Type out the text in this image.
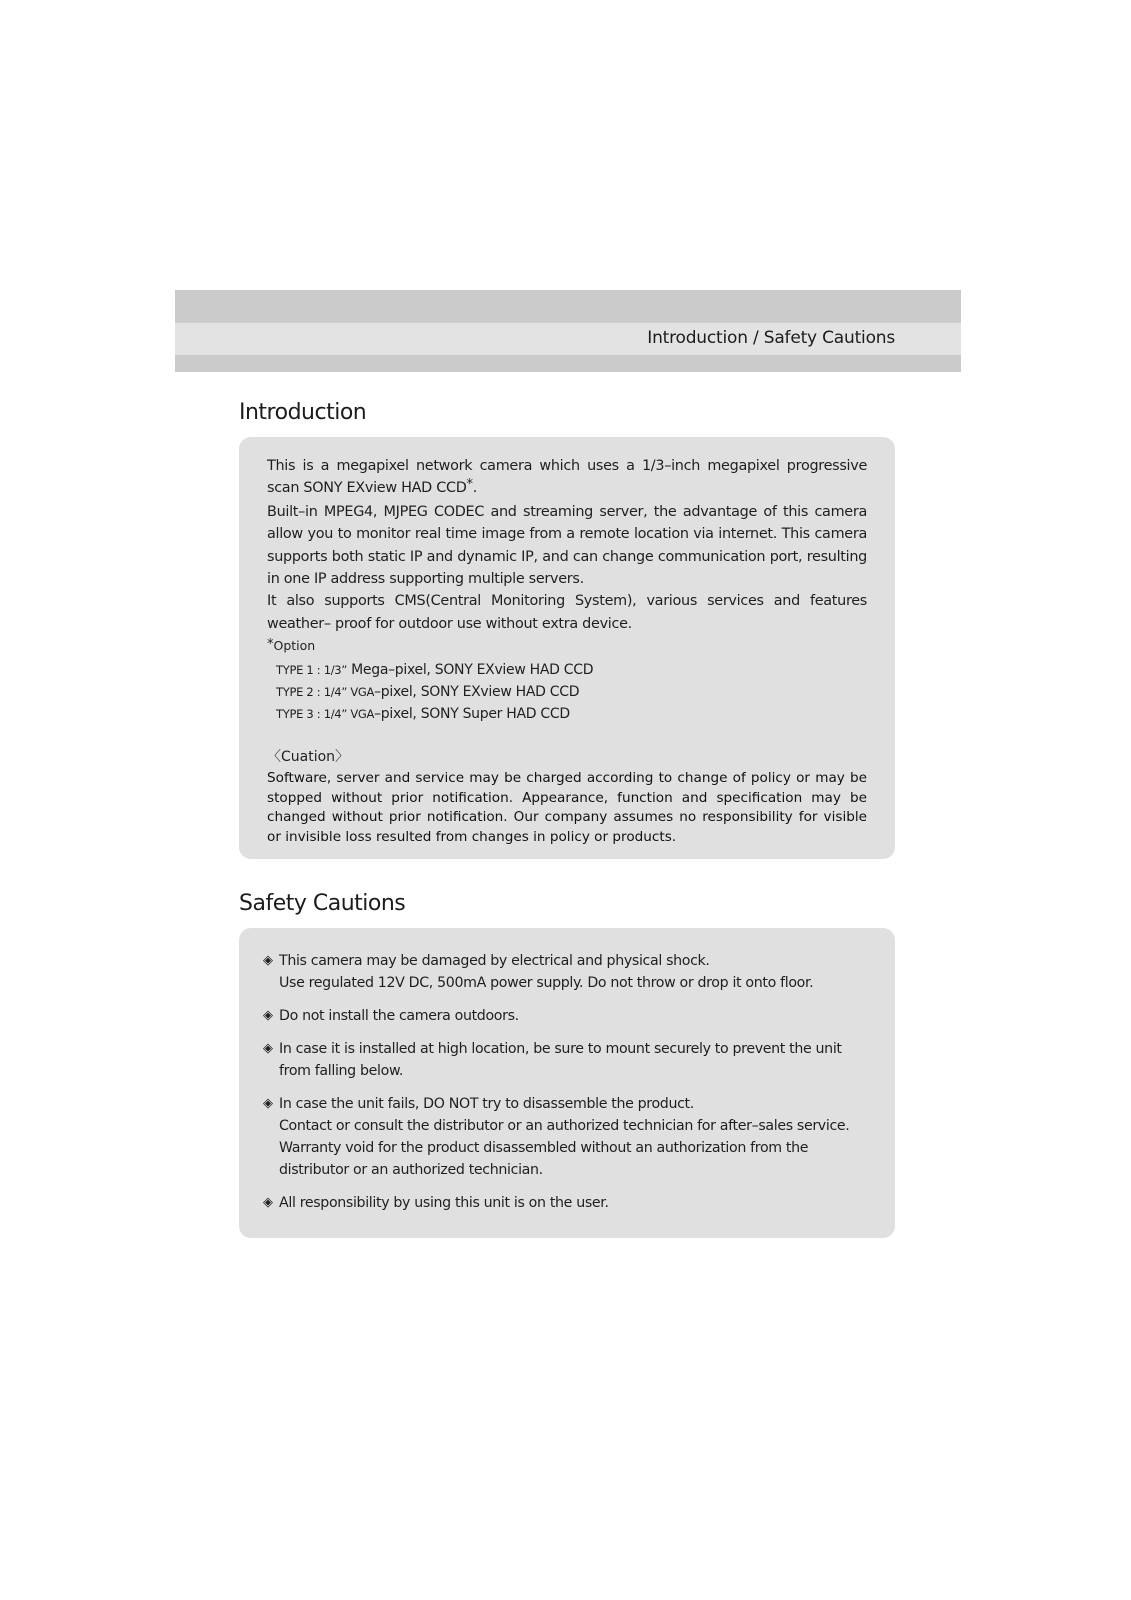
Introduction / Safety Cautions
Introduction

This is a megapixel network camera which uses a 1/3–inch megapixel progressive scan SONY EXview HAD CCD*.

Built–in MPEG4, MJPEG CODEC and streaming server, the advantage of this camera allow you to monitor real time image from a remote location via internet. This camera supports both static IP and dynamic IP, and can change communication port, resulting in one IP address supporting multiple servers.

It also supports CMS(Central Monitoring System), various services and features weather– proof for outdoor use without extra device.

*Option

TYPE 1 : 1/3” Mega–pixel, SONY EXview HAD CCD
TYPE 2 : 1/4” VGA–pixel, SONY EXview HAD CCD
TYPE 3 : 1/4” VGA–pixel, SONY Super HAD CCD

〈Cuation〉

Software, server and service may be charged according to change of policy or may be stopped without prior notification. Appearance, function and specification may be changed without prior notification. Our company assumes no responsibility for visible or invisible loss resulted from changes in policy or products.

Safety Cautions
◈ This camera may be damaged by electrical and physical shock.
Use regulated 12V DC, 500mA power supply. Do not throw or drop it onto floor.
◈ Do not install the camera outdoors.
◈ In case it is installed at high location, be sure to mount securely to prevent the unit from falling below.
◈ In case the unit fails, DO NOT try to disassemble the product.
Contact or consult the distributor or an authorized technician for after–sales service.
Warranty void for the product disassembled without an authorization from the distributor or an authorized technician.
◈ All responsibility by using this unit is on the user.
